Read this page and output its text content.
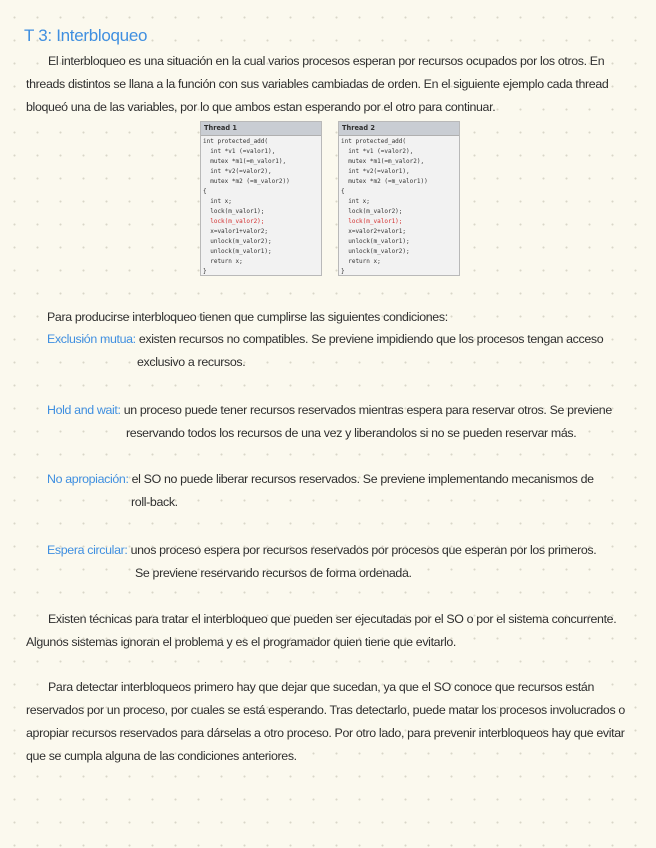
T 3: Interbloqueo
El interbloqueo es una situación en la cual varios procesos esperan por recursos ocupados por los otros. En threads distintos se llana a la función con sus variables cambiadas de orden. En el siguiente ejemplo cada thread bloqueó una de las variables, por lo que ambos estan esperando por el otro para continuar.
Thread 1
int protected_add(
int *v1 (=valor1),
mutex *m1(=m_valor1),
int *v2(=valor2),
mutex *m2 (=m_valor2))
{
int x;
lock(m_valor1);
lock(m_valor2);
x=valor1+valor2;
unlock(m_valor2);
unlock(m_valor1);
return x;
}
Thread 2
int protected_add(
int *v1 (=valor2),
mutex *m1(=m_valor2),
int *v2(=valor1),
mutex *m2 (=m_valor1))
{
int x;
lock(m_valor2);
lock(m_valor1);
x=valor2+valor1;
unlock(m_valor1);
unlock(m_valor2);
return x;
}
Para producirse interbloqueo tienen que cumplirse las siguientes condiciones:
Exclusión mutua: existen recursos no compatibles. Se previene impidiendo que los procesos tengan acceso
exclusivo a recursos.
Hold and wait: un proceso puede tener recursos reservados mientras espera para reservar otros. Se previene
reservando todos los recursos de una vez y liberandolos si no se pueden reservar más.
No apropiación: el SO no puede liberar recursos reservados. Se previene implementando mecanismos de
roll-back.
Espera circular: unos proceso espera por recursos reservados por procesos que esperan por los primeros.
Se previene reservando recursos de forma ordenada.
Existen técnicas para tratar el interbloqueo que pueden ser ejecutadas por el SO o por el sistema concurrente. Algunos sistemas ignoran el problema y es el programador quien tiene que evitarlo.
Para detectar interbloqueos primero hay que dejar que sucedan, ya que el SO conoce que recursos están reservados por un proceso, por cuales se está esperando. Tras detectarlo, puede matar los procesos involucrados o apropiar recursos reservados para dárselas a otro proceso. Por otro lado, para prevenir interbloqueos hay que evitar que se cumpla alguna de las condiciones anteriores.
